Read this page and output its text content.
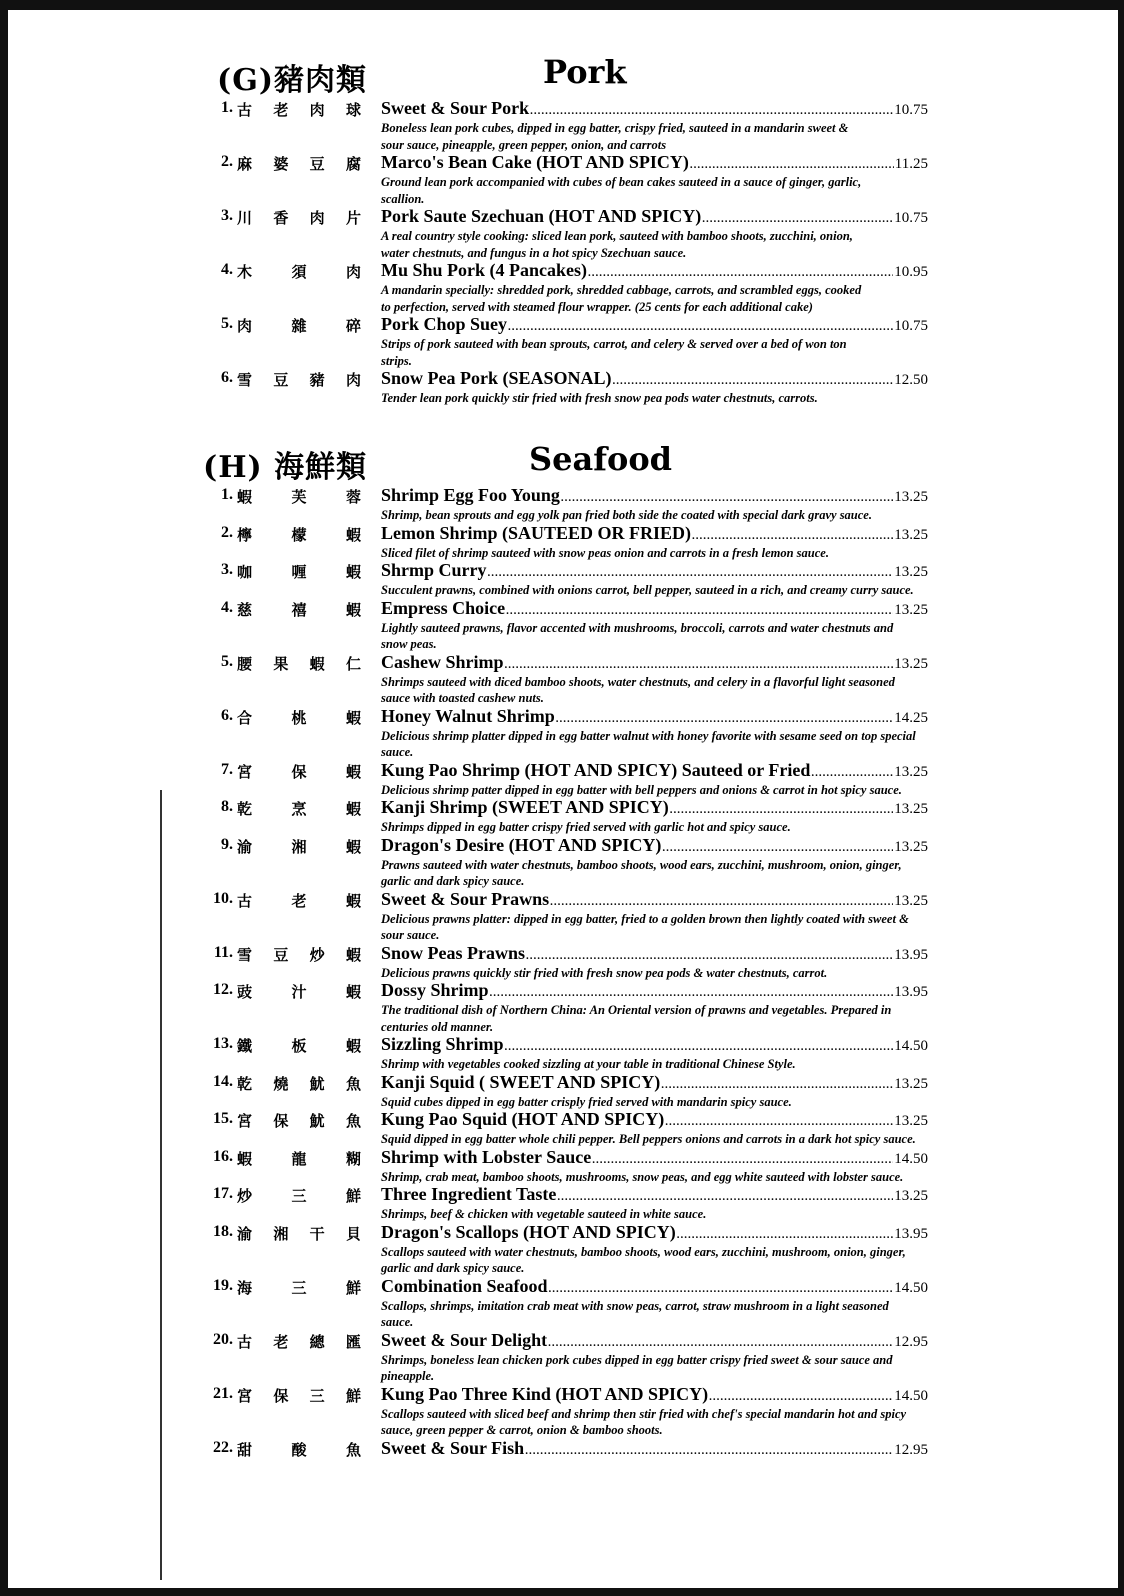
(G)豬肉類	Pork
1. 古 老 肉 球 Sweet & Sour Pork .....	10.75
Boneless lean pork cubes, dipped in egg batter, crispy fried, sauteed in a mandarin sweet & sour sauce, pineapple, green pepper, onion, and carrots
2. 麻 婆 豆 腐 Marco's Bean Cake (HOT AND SPICY) .....	11.25
Ground lean pork accompanied with cubes of bean cakes sauteed in a sauce of ginger, garlic, scallion.
3. 川 香 肉 片 Pork Saute Szechuan (HOT AND SPICY) .....	10.75
A real country style cooking: sliced lean pork, sauteed with bamboo shoots, zucchini, onion, water chestnuts, and fungus in a hot spicy Szechuan sauce.
4. 木	須	肉 Mu Shu Pork (4 Pancakes) .....	10.95
A mandarin specially: shredded pork, shredded cabbage, carrots, and scrambled eggs, cooked to perfection, served with steamed flour wrapper. (25 cents for each additional cake)
5. 肉	雜	碎 Pork Chop Suey .....	10.75
Strips of pork sauteed with bean sprouts, carrot, and celery & served over a bed of won ton strips.
6. 雪 豆 豬 肉 Snow Pea Pork (SEASONAL) .....	12.50
Tender lean pork quickly stir fried with fresh snow pea pods water chestnuts, carrots.
(H) 海鮮類	Seafood
1. 蝦	芙	蓉 Shrimp Egg Foo Young .....	13.25
Shrimp, bean sprouts and egg yolk pan fried both side the coated with special dark gravy sauce.
2. 檸	檬	蝦 Lemon Shrimp (SAUTEED OR FRIED) .....	13.25
Sliced filet of shrimp sauteed with snow peas onion and carrots in a fresh lemon sauce.
3. 咖	喱	蝦 Shrmp Curry .....	13.25
Succulent prawns, combined with onions carrot, bell pepper, sauteed in a rich, and creamy curry sauce.
4. 慈	禧	蝦 Empress Choice .....	13.25
Lightly sauteed prawns, flavor accented with mushrooms, broccoli, carrots and water chestnuts and snow peas.
5. 腰 果 蝦 仁 Cashew Shrimp .....	13.25
Shrimps sauteed with diced bamboo shoots, water chestnuts, and celery in a flavorful light seasoned sauce with toasted cashew nuts.
6. 合	桃	蝦 Honey Walnut Shrimp .....	14.25
Delicious shrimp platter dipped in egg batter walnut with honey favorite with sesame seed on top special sauce.
7. 宮	保	蝦 Kung Pao Shrimp (HOT AND SPICY) Sauteed or Fried .....	13.25
Delicious shrimp patter dipped in egg batter with bell peppers and onions & carrot in hot spicy sauce.
8. 乾	烹	蝦 Kanji Shrimp (SWEET AND SPICY) .....	13.25
Shrimps dipped in egg batter crispy fried served with garlic hot and spicy sauce.
9. 渝	湘	蝦 Dragon's Desire (HOT AND SPICY) .....	13.25
Prawns sauteed with water chestnuts, bamboo shoots, wood ears, zucchini, mushroom, onion, ginger, garlic and dark spicy sauce.
10. 古	老	蝦 Sweet & Sour Prawns .....	13.25
Delicious prawns platter: dipped in egg batter, fried to a golden brown then lightly coated with sweet & sour sauce.
11. 雪 豆 炒 蝦 Snow Peas Prawns .....	13.95
Delicious prawns quickly stir fried with fresh snow pea pods & water chestnuts, carrot.
12. 豉	汁	蝦 Dossy Shrimp .....	13.95
The traditional dish of Northern China: An Oriental version of prawns and vegetables. Prepared in centuries old manner.
13. 鐵	板	蝦 Sizzling Shrimp .....	14.50
Shrimp with vegetables cooked sizzling at your table in traditional Chinese Style.
14. 乾 燒 魷 魚 Kanji Squid ( SWEET AND SPICY) .....	13.25
Squid cubes dipped in egg batter crisply fried served with mandarin spicy sauce.
15. 宮 保 魷 魚 Kung Pao Squid (HOT AND SPICY) .....	13.25
Squid dipped in egg batter whole chili pepper. Bell peppers onions and carrots in a dark hot spicy sauce.
16. 蝦	龍	糊 Shrimp with Lobster Sauce .....	14.50
Shrimp, crab meat, bamboo shoots, mushrooms, snow peas, and egg white sauteed with lobster sauce.
17. 炒	三	鮮 Three Ingredient Taste .....	13.25
Shrimps, beef & chicken with vegetable sauteed in white sauce.
18. 渝 湘 干 貝 Dragon's Scallops (HOT AND SPICY) .....	13.95
Scallops sauteed with water chestnuts, bamboo shoots, wood ears, zucchini, mushroom, onion, ginger, garlic and dark spicy sauce.
19. 海	三	鮮 Combination Seafood .....	14.50
Scallops, shrimps, imitation crab meat with snow peas, carrot, straw mushroom in a light seasoned sauce.
20. 古 老 總 匯 Sweet & Sour Delight .....	12.95
Shrimps, boneless lean chicken pork cubes dipped in egg batter crispy fried sweet & sour sauce and pineapple.
21. 宮 保 三 鮮 Kung Pao Three Kind (HOT AND SPICY) .....	14.50
Scallops sauteed with sliced beef and shrimp then stir fried with chef's special mandarin hot and spicy sauce, green pepper & carrot, onion & bamboo shoots.
22. 甜	酸	魚 Sweet & Sour Fish .....	12.95
